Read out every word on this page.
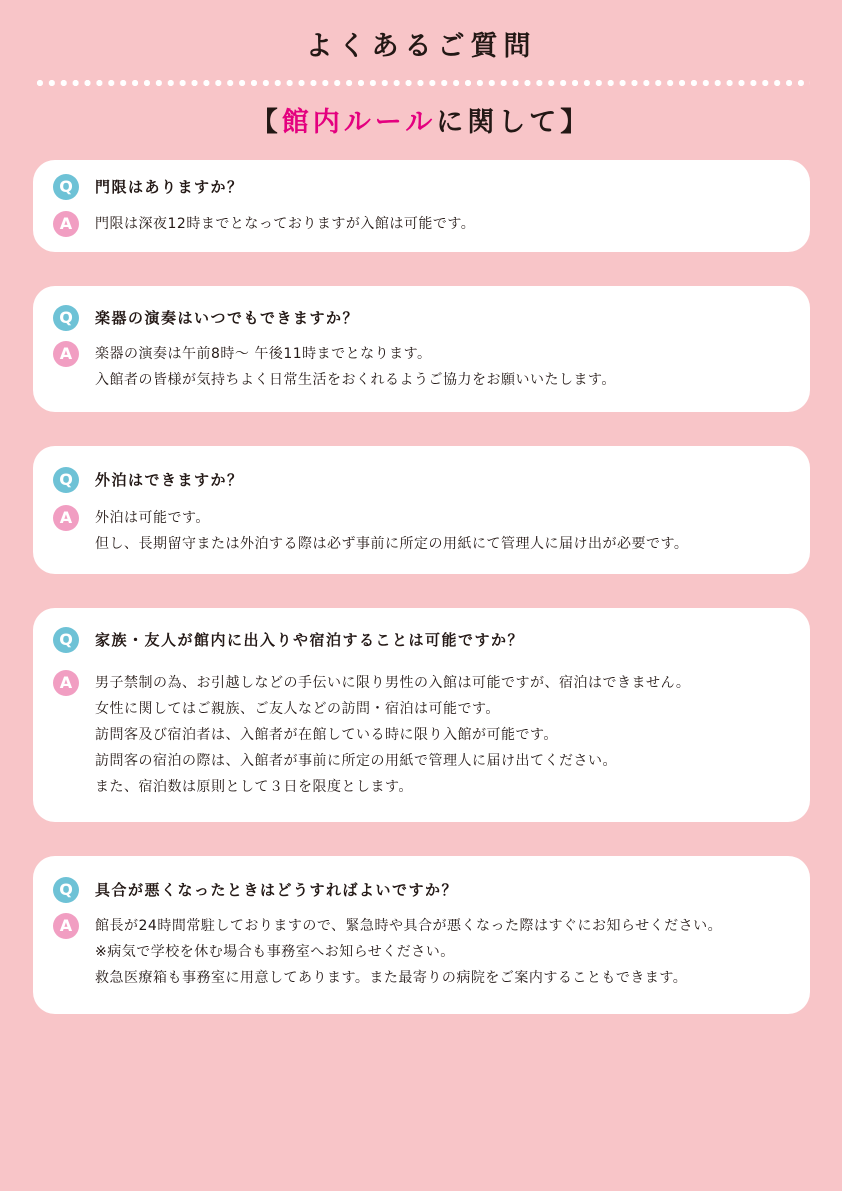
よくあるご質問
【館内ルールに関して】
Q	門限はありますか？
A	門限は深夜12時までとなっておりますが入館は可能です。
Q	楽器の演奏はいつでもできますか？
A	楽器の演奏は午前8時〜 午後11時までとなります。
入館者の皆様が気持ちよく日常生活をおくれるようご協力をお願いいたします。
Q	外泊はできますか？
A	外泊は可能です。
但し、長期留守または外泊する際は必ず事前に所定の用紙にて管理人に届け出が必要です。
Q	家族・友人が館内に出入りや宿泊することは可能ですか？
A	男子禁制の為、お引越しなどの手伝いに限り男性の入館は可能ですが、宿泊はできません。
女性に関してはご親族、ご友人などの訪問・宿泊は可能です。
訪問客及び宿泊者は、入館者が在館している時に限り入館が可能です。
訪問客の宿泊の際は、入館者が事前に所定の用紙で管理人に届け出てください。
また、宿泊数は原則として３日を限度とします。
Q	具合が悪くなったときはどうすればよいですか？
A	館長が24時間常駐しておりますので、緊急時や具合が悪くなった際はすぐにお知らせください。
※病気で学校を休む場合も事務室へお知らせください。
救急医療箱も事務室に用意してあります。また最寄りの病院をご案内することもできます。
